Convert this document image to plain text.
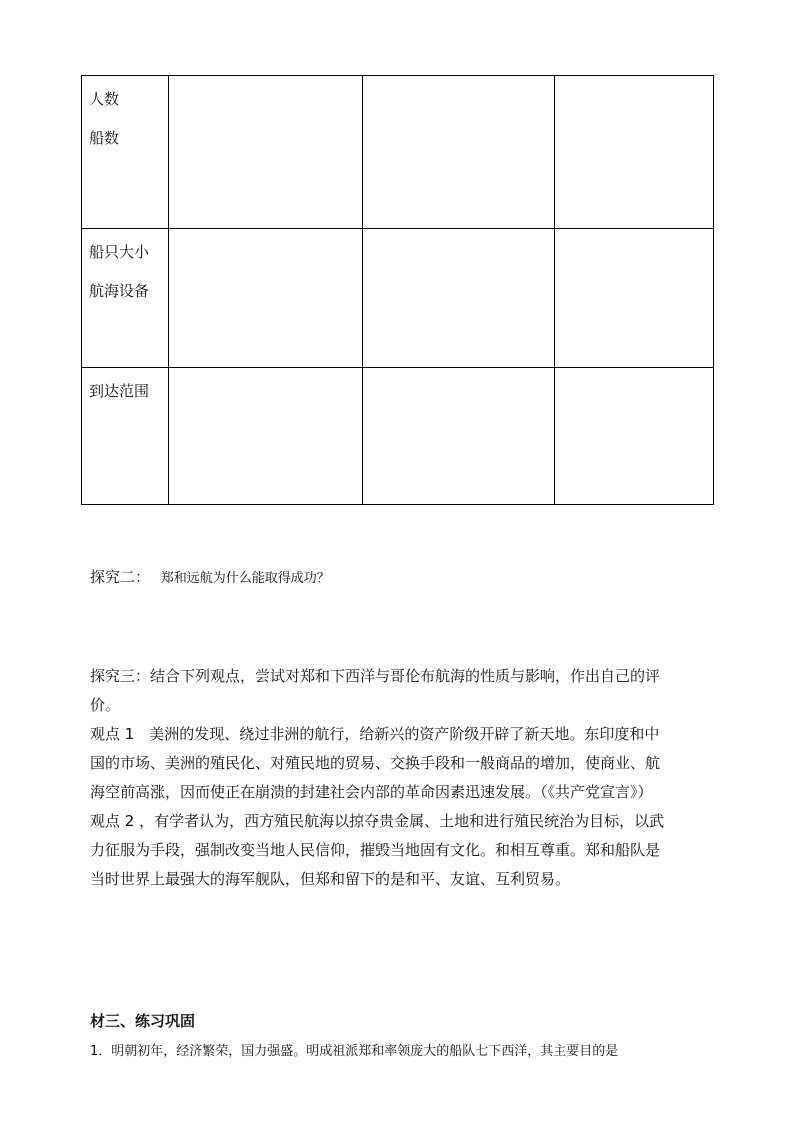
人数
船数			

船只大小
航海设备			

到达范围			

探究二： 郑和远航为什么能取得成功？
探究三：结合下列观点，尝试对郑和下西洋与哥伦布航海的性质与影响，作出自己的评
价。
观点 1　美洲的发现、绕过非洲的航行，给新兴的资产阶级开辟了新天地。东印度和中
国的市场、美洲的殖民化、对殖民地的贸易、交换手段和一般商品的增加，使商业、航
海空前高涨，因而使正在崩溃的封建社会内部的革命因素迅速发展。（《共产党宣言》）
观点 2 ，有学者认为，西方殖民航海以掠夺贵金属、土地和进行殖民统治为目标，以武
力征服为手段，强制改变当地人民信仰，摧毁当地固有文化。和相互尊重。郑和船队是
当时世界上最强大的海军舰队，但郑和留下的是和平、友谊、互利贸易。
材三、练习巩固
1．明朝初年，经济繁荣，国力强盛。明成祖派郑和率领庞大的船队七下西洋，其主要目的是
